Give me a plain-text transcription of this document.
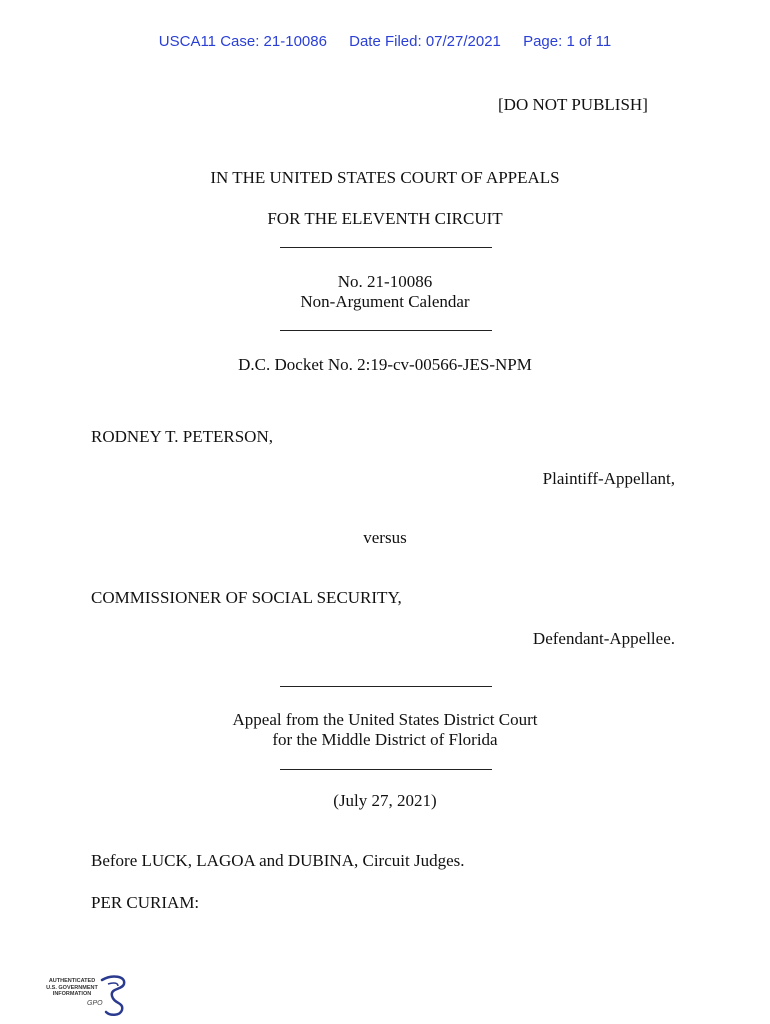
USCA11 Case: 21-10086 Date Filed: 07/27/2021 Page: 1 of 11
[DO NOT PUBLISH]
IN THE UNITED STATES COURT OF APPEALS
FOR THE ELEVENTH CIRCUIT
No. 21-10086
Non-Argument Calendar
D.C. Docket No. 2:19-cv-00566-JES-NPM
RODNEY T. PETERSON,
Plaintiff-Appellant,
versus
COMMISSIONER OF SOCIAL SECURITY,
Defendant-Appellee.
Appeal from the United States District Court
for the Middle District of Florida
(July 27, 2021)
Before LUCK, LAGOA and DUBINA, Circuit Judges.
PER CURIAM:
AUTHENTICATED
U.S. GOVERNMENT
INFORMATION
GPO
